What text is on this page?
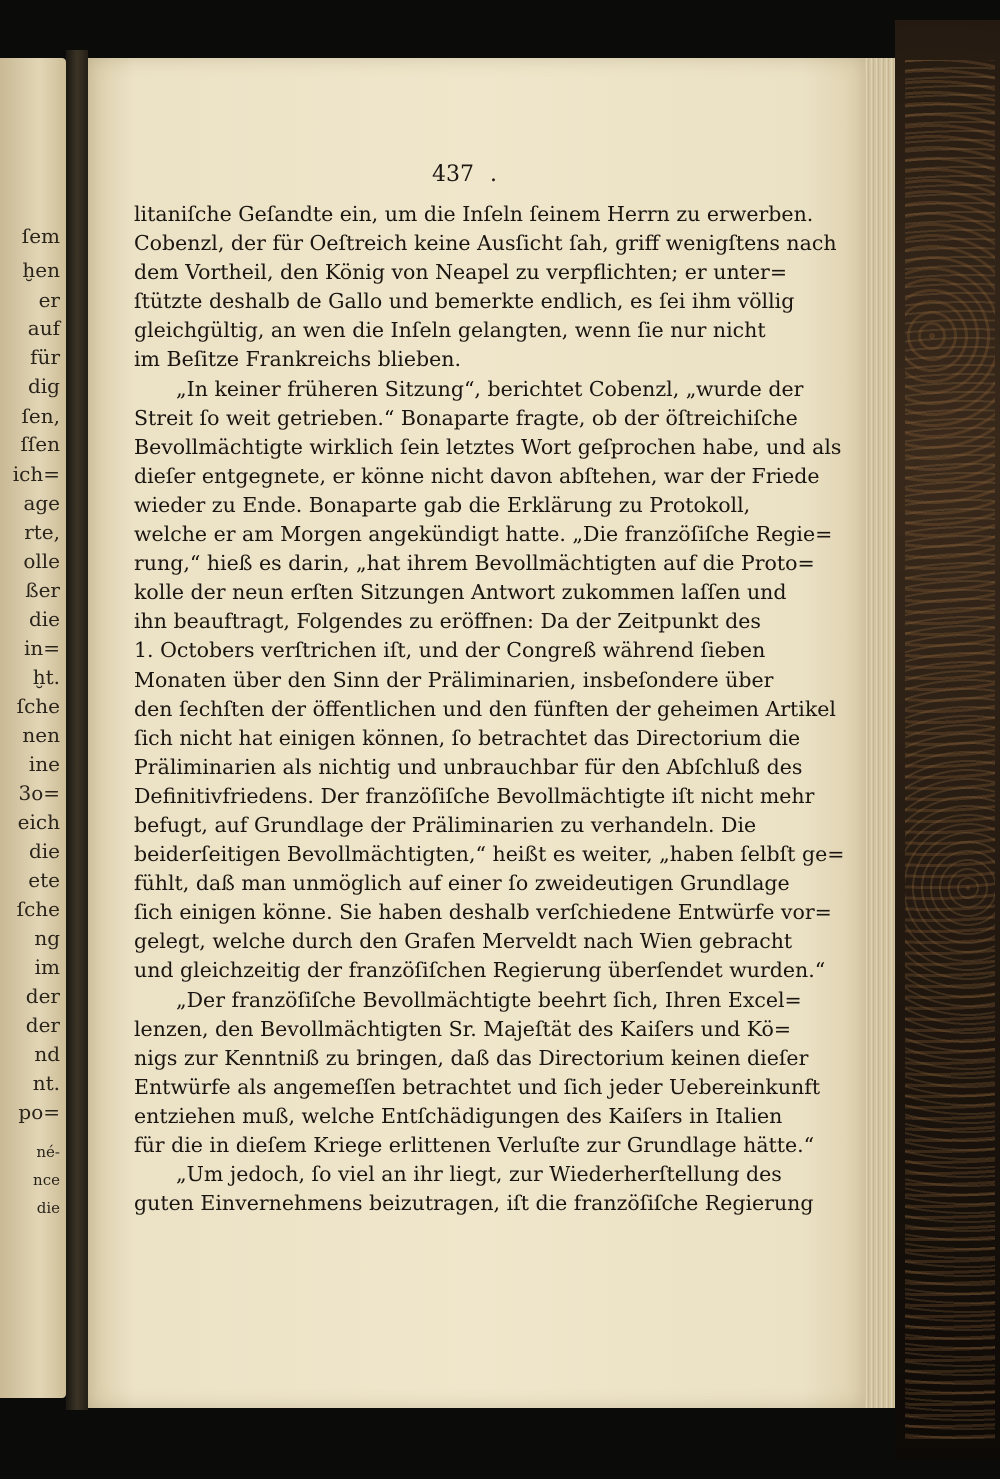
ſem
ḫen
er
auf
für
dig
ſen,
ſſen
ich=
age
rte,
olle
ßer
die
in=
ḫt.
ſche
nen
ine
3o=
eich
die
ete
ſche
ng
im
der
der
nd
nt.
po=
né-
nce
die
437 .
litaniſche Geſandte ein, um die Inſeln ſeinem Herrn zu erwerben.
Cobenzl, der für Oeſtreich keine Ausſicht ſah, griff wenigſtens nach
dem Vortheil, den König von Neapel zu verpflichten; er unter=
ſtützte deshalb de Gallo und bemerkte endlich, es ſei ihm völlig
gleichgültig, an wen die Inſeln gelangten, wenn ſie nur nicht
im Beſitze Frankreichs blieben.
„In keiner früheren Sitzung“, berichtet Cobenzl, „wurde der
Streit ſo weit getrieben.“ Bonaparte fragte, ob der öſtreichiſche
Bevollmächtigte wirklich ſein letztes Wort geſprochen habe, und als
dieſer entgegnete, er könne nicht davon abſtehen, war der Friede
wieder zu Ende. Bonaparte gab die Erklärung zu Protokoll,
welche er am Morgen angekündigt hatte. „Die franzöſiſche Regie=
rung,“ hieß es darin, „hat ihrem Bevollmächtigten auf die Proto=
kolle der neun erſten Sitzungen Antwort zukommen laſſen und
ihn beauftragt, Folgendes zu eröffnen: Da der Zeitpunkt des
1. Octobers verſtrichen iſt, und der Congreß während ſieben
Monaten über den Sinn der Präliminarien, insbeſondere über
den ſechſten der öffentlichen und den fünften der geheimen Artikel
ſich nicht hat einigen können, ſo betrachtet das Directorium die
Präliminarien als nichtig und unbrauchbar für den Abſchluß des
Definitivfriedens. Der franzöſiſche Bevollmächtigte iſt nicht mehr
befugt, auf Grundlage der Präliminarien zu verhandeln. Die
beiderſeitigen Bevollmächtigten,“ heißt es weiter, „haben ſelbſt ge=
fühlt, daß man unmöglich auf einer ſo zweideutigen Grundlage
ſich einigen könne. Sie haben deshalb verſchiedene Entwürfe vor=
gelegt, welche durch den Grafen Merveldt nach Wien gebracht
und gleichzeitig der franzöſiſchen Regierung überſendet wurden.“
„Der franzöſiſche Bevollmächtigte beehrt ſich, Ihren Excel=
lenzen, den Bevollmächtigten Sr. Majeſtät des Kaiſers und Kö=
nigs zur Kenntniß zu bringen, daß das Directorium keinen dieſer
Entwürfe als angemeſſen betrachtet und ſich jeder Uebereinkunft
entziehen muß, welche Entſchädigungen des Kaiſers in Italien
für die in dieſem Kriege erlittenen Verluſte zur Grundlage hätte.“
„Um jedoch, ſo viel an ihr liegt, zur Wiederherſtellung des
guten Einvernehmens beizutragen, iſt die franzöſiſche Regierung
